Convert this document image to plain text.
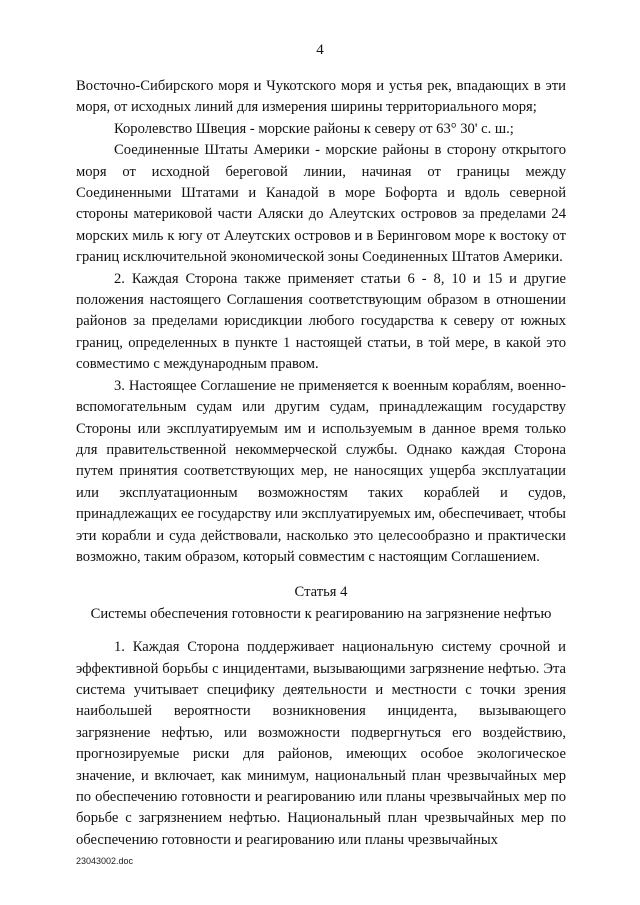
4

Восточно-Сибирского моря и Чукотского моря и устья рек, впадающих в эти моря, от исходных линий для измерения ширины территориального моря;

Королевство Швеция - морские районы к северу от 63° 30' с. ш.;

Соединенные Штаты Америки - морские районы в сторону открытого моря от исходной береговой линии, начиная от границы между Соединенными Штатами и Канадой в море Бофорта и вдоль северной стороны материковой части Аляски до Алеутских островов за пределами 24 морских миль к югу от Алеутских островов и в Беринговом море к востоку от границ исключительной экономической зоны Соединенных Штатов Америки.

2. Каждая Сторона также применяет статьи 6 - 8, 10 и 15 и другие положения настоящего Соглашения соответствующим образом в отношении районов за пределами юрисдикции любого государства к северу от южных границ, определенных в пункте 1 настоящей статьи, в той мере, в какой это совместимо с международным правом.

3. Настоящее Соглашение не применяется к военным кораблям, военно-вспомогательным судам или другим судам, принадлежащим государству Стороны или эксплуатируемым им и используемым в данное время только для правительственной некоммерческой службы. Однако каждая Сторона путем принятия соответствующих мер, не наносящих ущерба эксплуатации или эксплуатационным возможностям таких кораблей и судов, принадлежащих ее государству или эксплуатируемых им, обеспечивает, чтобы эти корабли и суда действовали, насколько это целесообразно и практически возможно, таким образом, который совместим с настоящим Соглашением.

Статья 4

Системы обеспечения готовности к реагированию на загрязнение нефтью

1. Каждая Сторона поддерживает национальную систему срочной и эффективной борьбы с инцидентами, вызывающими загрязнение нефтью. Эта система учитывает специфику деятельности и местности с точки зрения наибольшей вероятности возникновения инцидента, вызывающего загрязнение нефтью, или возможности подвергнуться его воздействию, прогнозируемые риски для районов, имеющих особое экологическое значение, и включает, как минимум, национальный план чрезвычайных мер по обеспечению готовности и реагированию или планы чрезвычайных мер по борьбе с загрязнением нефтью. Национальный план чрезвычайных мер по обеспечению готовности и реагированию или планы чрезвычайных

23043002.doc
